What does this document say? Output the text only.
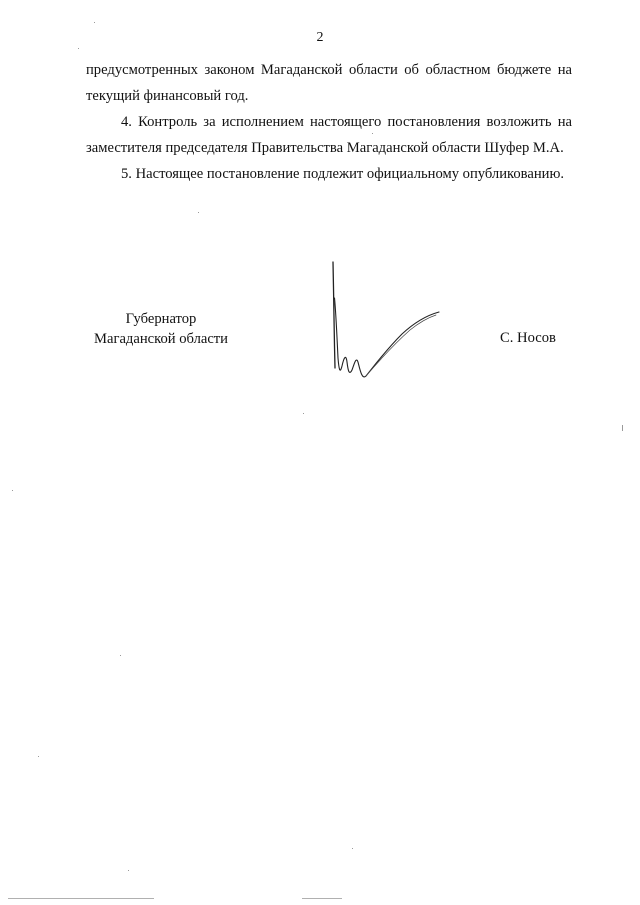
2

предусмотренных законом Магаданской области об областном бюджете на текущий финансовый год.

4. Контроль за исполнением настоящего постановления возложить на заместителя председателя Правительства Магаданской области Шуфер М.А.

5. Настоящее постановление подлежит официальному опубликованию.

Губернатор
Магаданской области	С. Носов
